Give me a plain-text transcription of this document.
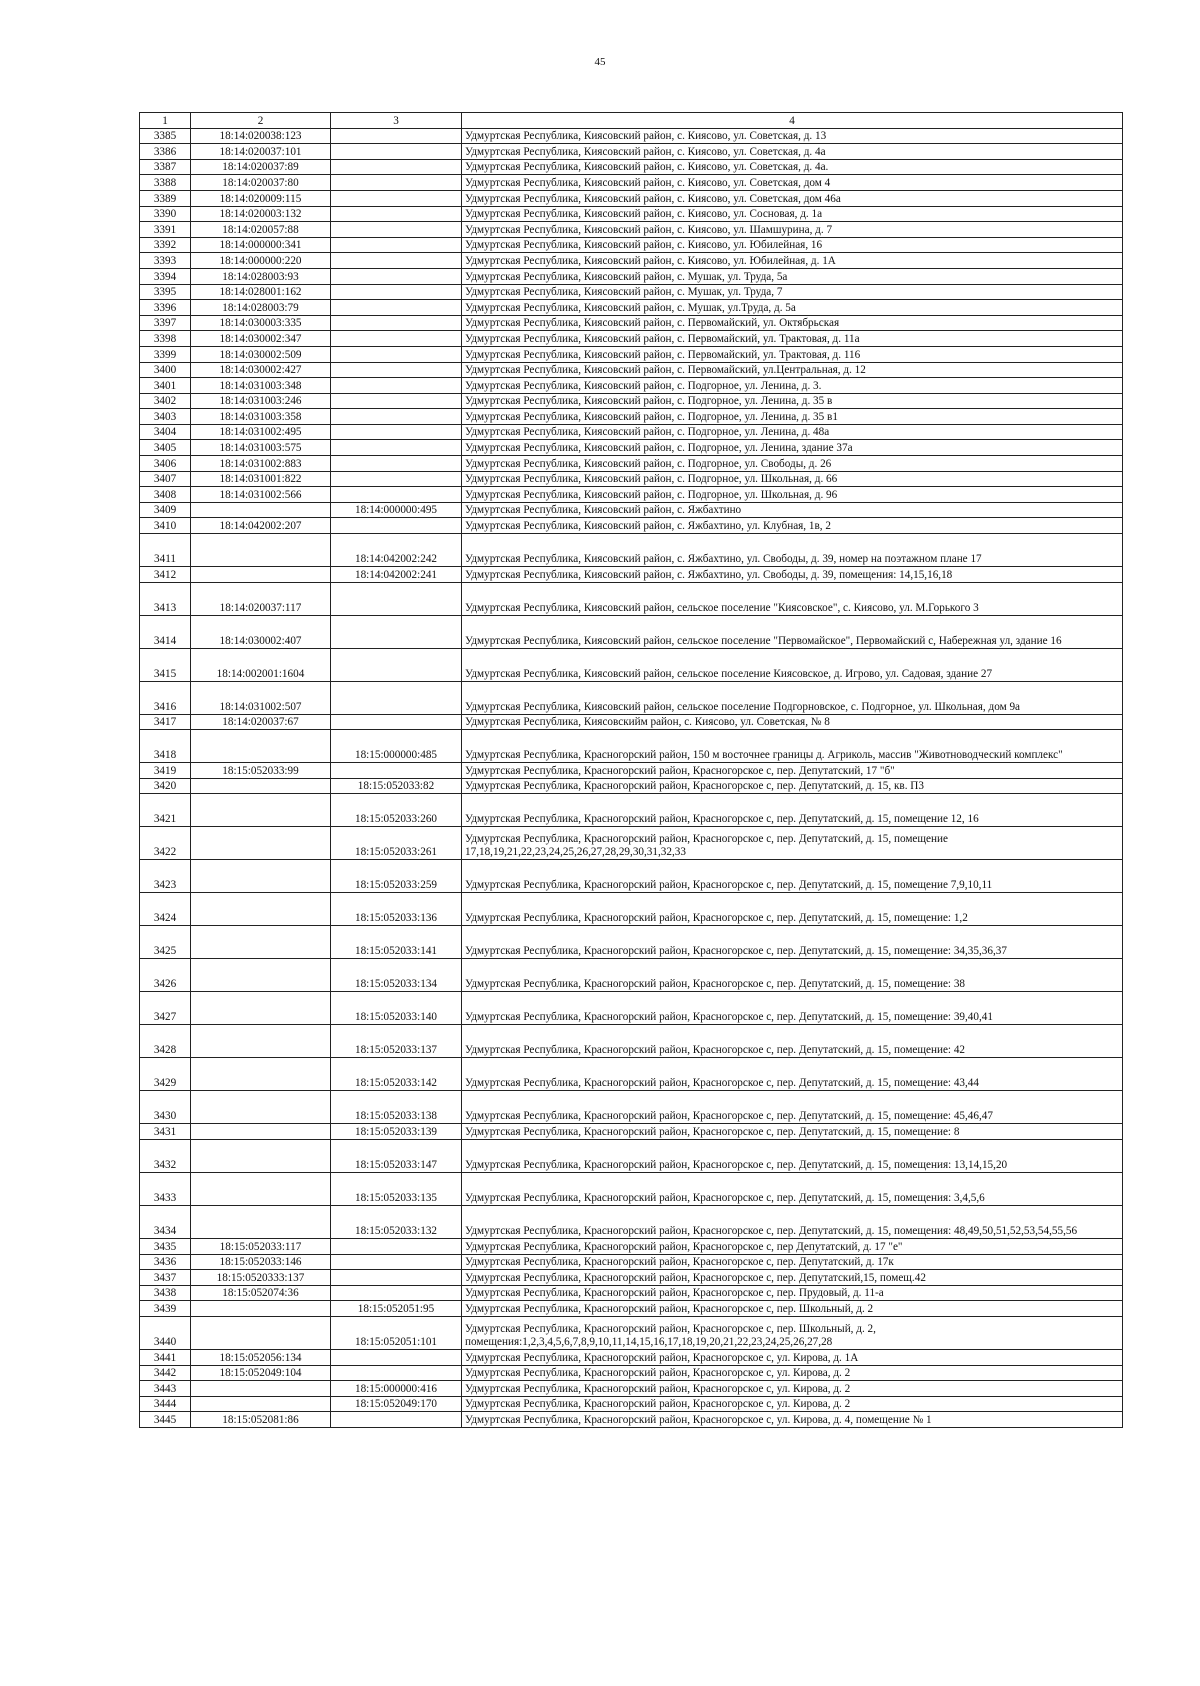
45
1	2	3	4
3385	18:14:020038:123		Удмуртская Республика, Киясовский район, с. Киясово, ул. Советская, д. 13
3386	18:14:020037:101		Удмуртская Республика, Киясовский район, с. Киясово, ул. Советская, д. 4а
3387	18:14:020037:89		Удмуртская Республика, Киясовский район, с. Киясово, ул. Советская, д. 4а.
3388	18:14:020037:80		Удмуртская Республика, Киясовский район, с. Киясово, ул. Советская, дом 4
3389	18:14:020009:115		Удмуртская Республика, Киясовский район, с. Киясово, ул. Советская, дом 46а
3390	18:14:020003:132		Удмуртская Республика, Киясовский район, с. Киясово, ул. Сосновая, д. 1а
3391	18:14:020057:88		Удмуртская Республика, Киясовский район, с. Киясово, ул. Шамшурина, д. 7
3392	18:14:000000:341		Удмуртская Республика, Киясовский район, с. Киясово, ул. Юбилейная, 16
3393	18:14:000000:220		Удмуртская Республика, Киясовский район, с. Киясово, ул. Юбилейная, д. 1А
3394	18:14:028003:93		Удмуртская Республика, Киясовский район, с. Мушак, ул. Труда, 5а
3395	18:14:028001:162		Удмуртская Республика, Киясовский район, с. Мушак, ул. Труда, 7
3396	18:14:028003:79		Удмуртская Республика, Киясовский район, с. Мушак, ул.Труда, д. 5а
3397	18:14:030003:335		Удмуртская Республика, Киясовский район, с. Первомайский, ул. Октябрьская
3398	18:14:030002:347		Удмуртская Республика, Киясовский район, с. Первомайский, ул. Трактовая, д. 11а
3399	18:14:030002:509		Удмуртская Республика, Киясовский район, с. Первомайский, ул. Трактовая, д. 116
3400	18:14:030002:427		Удмуртская Республика, Киясовский район, с. Первомайский, ул.Центральная, д. 12
3401	18:14:031003:348		Удмуртская Республика, Киясовский район, с. Подгорное, ул. Ленина, д. 3.
3402	18:14:031003:246		Удмуртская Республика, Киясовский район, с. Подгорное, ул. Ленина, д. 35 в
3403	18:14:031003:358		Удмуртская Республика, Киясовский район, с. Подгорное, ул. Ленина, д. 35 в1
3404	18:14:031002:495		Удмуртская Республика, Киясовский район, с. Подгорное, ул. Ленина, д. 48а
3405	18:14:031003:575		Удмуртская Республика, Киясовский район, с. Подгорное, ул. Ленина, здание 37а
3406	18:14:031002:883		Удмуртская Республика, Киясовский район, с. Подгорное, ул. Свободы, д. 26
3407	18:14:031001:822		Удмуртская Республика, Киясовский район, с. Подгорное, ул. Школьная, д. 66
3408	18:14:031002:566		Удмуртская Республика, Киясовский район, с. Подгорное, ул. Школьная, д. 96
3409		18:14:000000:495	Удмуртская Республика, Киясовский район, с. Яжбахтино
3410	18:14:042002:207		Удмуртская Республика, Киясовский район, с. Яжбахтино, ул. Клубная, 1в, 2
3411		18:14:042002:242	Удмуртская Республика, Киясовский район, с. Яжбахтино, ул. Свободы, д. 39, номер на поэтажном плане 17
3412		18:14:042002:241	Удмуртская Республика, Киясовский район, с. Яжбахтино, ул. Свободы, д. 39, помещения: 14,15,16,18
3413	18:14:020037:117		Удмуртская Республика, Киясовский район, сельское поселение "Киясовское", с. Киясово, ул. М.Горького 3
3414	18:14:030002:407		Удмуртская Республика, Киясовский район, сельское поселение "Первомайское", Первомайский с, Набережная ул, здание 16
3415	18:14:002001:1604		Удмуртская Республика, Киясовский район, сельское поселение Киясовское, д. Игрово, ул. Садовая, здание 27
3416	18:14:031002:507		Удмуртская Республика, Киясовский район, сельское поселение Подгорновское, с. Подгорное, ул. Школьная, дом 9а
3417	18:14:020037:67		Удмуртская Республика, Киясовскийм район, с. Киясово, ул. Советская, № 8
3418		18:15:000000:485	Удмуртская Республика, Красногорский район, 150 м восточнее границы д. Агриколь, массив "Животноводческий комплекс"
3419	18:15:052033:99		Удмуртская Республика, Красногорский район, Красногорское с, пер. Депутатский, 17 "б"
3420		18:15:052033:82	Удмуртская Республика, Красногорский район, Красногорское с, пер. Депутатский, д. 15, кв. П3
3421		18:15:052033:260	Удмуртская Республика, Красногорский район, Красногорское с, пер. Депутатский, д. 15, помещение 12, 16
3422		18:15:052033:261	Удмуртская Республика, Красногорский район, Красногорское с, пер. Депутатский, д. 15, помещение 17,18,19,21,22,23,24,25,26,27,28,29,30,31,32,33
3423		18:15:052033:259	Удмуртская Республика, Красногорский район, Красногорское с, пер. Депутатский, д. 15, помещение 7,9,10,11
3424		18:15:052033:136	Удмуртская Республика, Красногорский район, Красногорское с, пер. Депутатский, д. 15, помещение: 1,2
3425		18:15:052033:141	Удмуртская Республика, Красногорский район, Красногорское с, пер. Депутатский, д. 15, помещение: 34,35,36,37
3426		18:15:052033:134	Удмуртская Республика, Красногорский район, Красногорское с, пер. Депутатский, д. 15, помещение: 38
3427		18:15:052033:140	Удмуртская Республика, Красногорский район, Красногорское с, пер. Депутатский, д. 15, помещение: 39,40,41
3428		18:15:052033:137	Удмуртская Республика, Красногорский район, Красногорское с, пер. Депутатский, д. 15, помещение: 42
3429		18:15:052033:142	Удмуртская Республика, Красногорский район, Красногорское с, пер. Депутатский, д. 15, помещение: 43,44
3430		18:15:052033:138	Удмуртская Республика, Красногорский район, Красногорское с, пер. Депутатский, д. 15, помещение: 45,46,47
3431		18:15:052033:139	Удмуртская Республика, Красногорский район, Красногорское с, пер. Депутатский, д. 15, помещение: 8
3432		18:15:052033:147	Удмуртская Республика, Красногорский район, Красногорское с, пер. Депутатский, д. 15, помещения: 13,14,15,20
3433		18:15:052033:135	Удмуртская Республика, Красногорский район, Красногорское с, пер. Депутатский, д. 15, помещения: 3,4,5,6
3434		18:15:052033:132	Удмуртская Республика, Красногорский район, Красногорское с, пер. Депутатский, д. 15, помещения: 48,49,50,51,52,53,54,55,56
3435	18:15:052033:117		Удмуртская Республика, Красногорский район, Красногорское с, пер Депутатский, д. 17 "е"
3436	18:15:052033:146		Удмуртская Республика, Красногорский район, Красногорское с, пер. Депутатский, д. 17к
3437	18:15:0520333:137		Удмуртская Республика, Красногорский район, Красногорское с, пер. Депутатский,15, помещ.42
3438	18:15:052074:36		Удмуртская Республика, Красногорский район, Красногорское с, пер. Прудовый, д. 11-а
3439		18:15:052051:95	Удмуртская Республика, Красногорский район, Красногорское с, пер. Школьный, д. 2
3440		18:15:052051:101	Удмуртская Республика, Красногорский район, Красногорское с, пер. Школьный, д. 2, помещения:1,2,3,4,5,6,7,8,9,10,11,14,15,16,17,18,19,20,21,22,23,24,25,26,27,28
3441	18:15:052056:134		Удмуртская Республика, Красногорский район, Красногорское с, ул. Кирова, д. 1А
3442	18:15:052049:104		Удмуртская Республика, Красногорский район, Красногорское с, ул. Кирова, д. 2
3443		18:15:000000:416	Удмуртская Республика, Красногорский район, Красногорское с, ул. Кирова, д. 2
3444		18:15:052049:170	Удмуртская Республика, Красногорский район, Красногорское с, ул. Кирова, д. 2
3445	18:15:052081:86		Удмуртская Республика, Красногорский район, Красногорское с, ул. Кирова, д. 4, помещение № 1
